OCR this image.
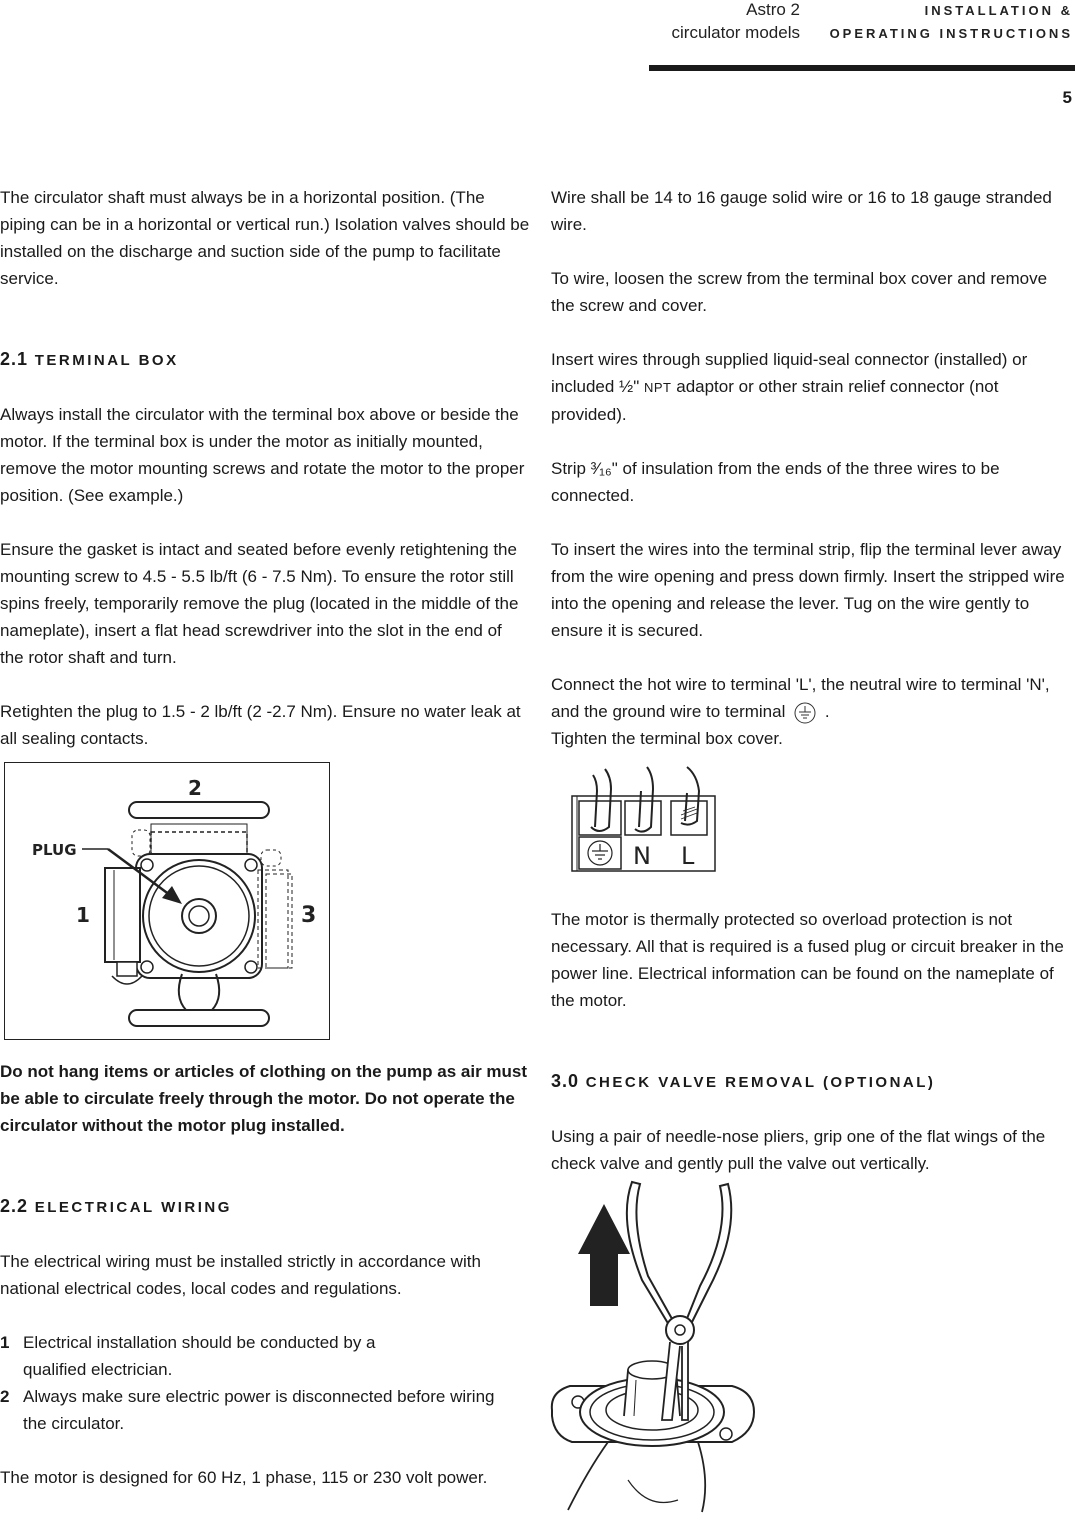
Astro 2
circulator models
INSTALLATION &
OPERATING INSTRUCTIONS
5

The circulator shaft must always be in a horizontal position. (The piping can be in a horizontal or vertical run.) Isolation valves should be installed on the discharge and suction side of the pump to facilitate service.

2.1 TERMINAL BOX

Always install the circulator with the terminal box above or beside the motor. If the terminal box is under the motor as initially mounted, remove the motor mounting screws and rotate the motor to the proper position. (See example.)

Ensure the gasket is intact and seated before evenly retightening the mounting screw to 4.5 - 5.5 lb/ft (6 - 7.5 Nm). To ensure the rotor still spins freely, temporarily remove the plug (located in the middle of the nameplate), insert a flat head screwdriver into the slot in the end of the rotor shaft and turn.

Retighten the plug to 1.5 - 2 lb/ft (2 -2.7 Nm). Ensure no water leak at all sealing contacts.

PLUG
1
2
3

Do not hang items or articles of clothing on the pump as air must be able to circulate freely through the motor. Do not operate the circulator without the motor plug installed.

2.2 ELECTRICAL WIRING

The electrical wiring must be installed strictly in accordance with national electrical codes, local codes and regulations.

1 Electrical installation should be conducted by a qualified electrician.
2 Always make sure electric power is disconnected before wiring the circulator.

The motor is designed for 60 Hz, 1 phase, 115 or 230 volt power.

Wire shall be 14 to 16 gauge solid wire or 16 to 18 gauge stranded wire.

To wire, loosen the screw from the terminal box cover and remove the screw and cover.

Insert wires through supplied liquid-seal connector (installed) or included ½" NPT adaptor or other strain relief connector (not provided).

Strip ³⁄₁₆" of insulation from the ends of the three wires to be connected.

To insert the wires into the terminal strip, flip the terminal lever away from the wire opening and press down firmly. Insert the stripped wire into the opening and release the lever. Tug on the wire gently to ensure it is secured.

Connect the hot wire to terminal 'L', the neutral wire to terminal 'N', and the ground wire to terminal .

Tighten the terminal box cover.

N L

The motor is thermally protected so overload protection is not necessary. All that is required is a fused plug or circuit breaker in the power line. Electrical information can be found on the nameplate of the motor.

3.0 CHECK VALVE REMOVAL (OPTIONAL)

Using a pair of needle-nose pliers, grip one of the flat wings of the check valve and gently pull the valve out vertically.
